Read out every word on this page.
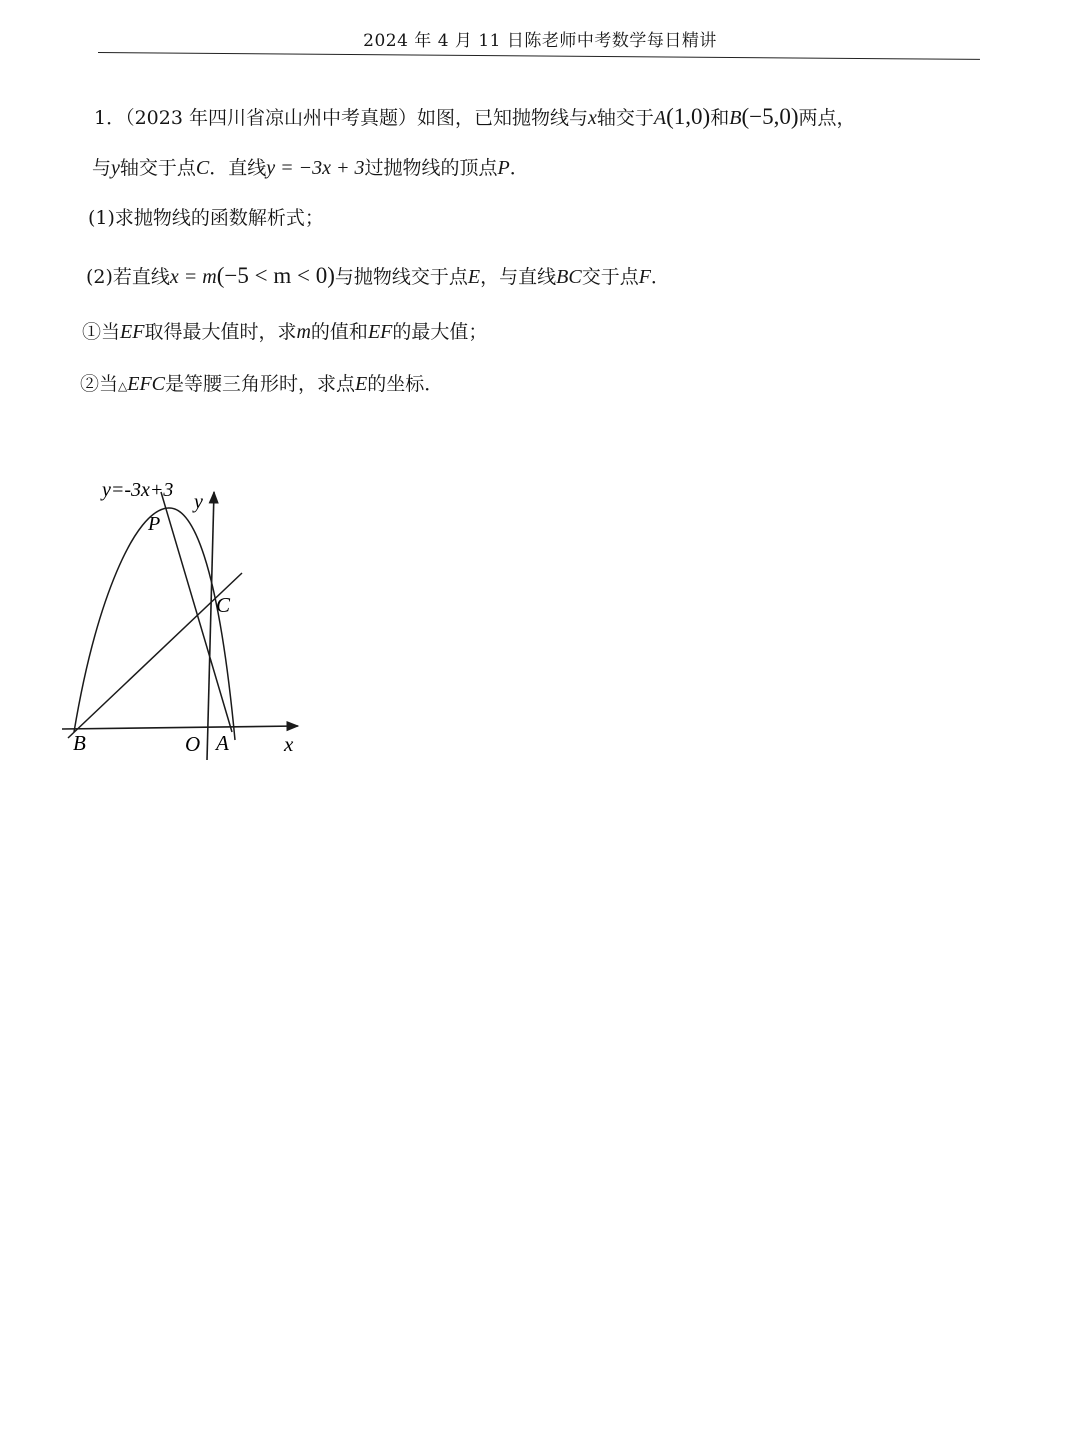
2024 年 4 月 11 日陈老师中考数学每日精讲
1．（2023 年四川省凉山州中考真题）如图，已知抛物线与x轴交于A(1,0)和B(−5,0)两点，
与y轴交于点C．直线y = −3x + 3过抛物线的顶点P．
(1)求抛物线的函数解析式；
(2)若直线x = m(−5 < m < 0)与抛物线交于点E，与直线BC交于点F．
①当EF取得最大值时，求m的值和EF的最大值；
②当△EFC是等腰三角形时，求点E的坐标．
y=-3x+3
y
P
C
B	O A	x
